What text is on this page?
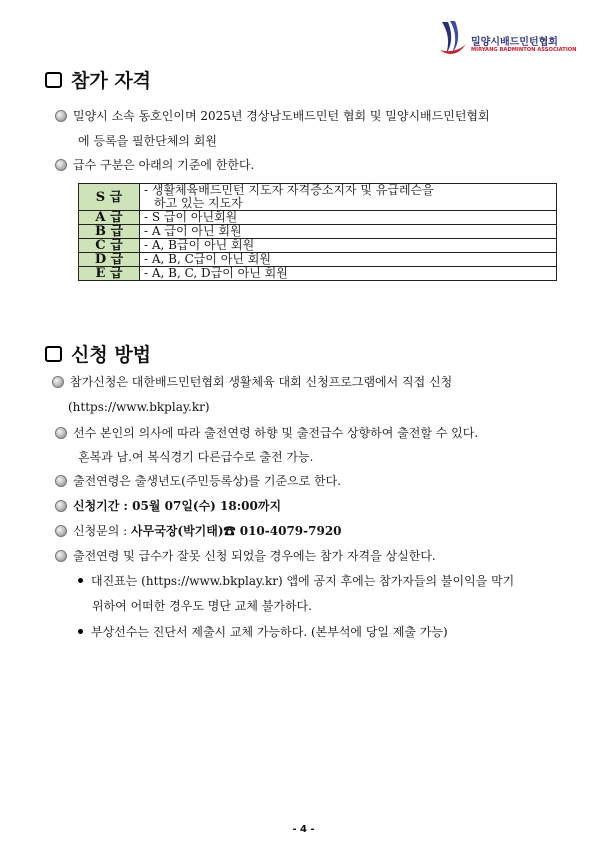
밀양시배드민턴협회
MIRYANG BADMINTON ASSOCIATION
참가 자격
밀양시 소속 동호인이며 2025년 경상남도배드민턴 협회 및 밀양시배드민턴협회
에 등록을 필한단체의 회원
급수 구분은 아래의 기준에 한한다.
S 급	- 생활체육배드민턴 지도자 자격증소지자 및 유급레슨을
하고 있는 지도자

A 급	- S 급이 아닌회원
B 급	- A 급이 아닌 회원
C 급	- A, B급이 아닌 회원
D 급	- A, B, C급이 아닌 회원
E 급	- A, B, C, D급이 아닌 회원
신청 방법
참가신청은 대한배드민턴협회 생활체육 대회 신청프로그램에서 직접 신청
(https://www.bkplay.kr)
선수 본인의 의사에 따라 출전연령 하향 및 출전급수 상향하여 출전할 수 있다.
혼복과 남.여 복식경기 다른급수로 출전 가능.
출전연령은 출생년도(주민등록상)를 기준으로 한다.
신청기간 : 05월 07일(수) 18:00까지
신청문의 : 사무국장(박기태)☎ 010-4079-7920
출전연령 및 급수가 잘못 신청 되었을 경우에는 참가 자격을 상실한다.
대진표는 (https://www.bkplay.kr) 앱에 공지 후에는 참가자들의 불이익을 막기
위하여 어떠한 경우도 명단 교체 불가하다.
부상선수는 진단서 제출시 교체 가능하다. (본부석에 당일 제출 가능)
- 4 -
